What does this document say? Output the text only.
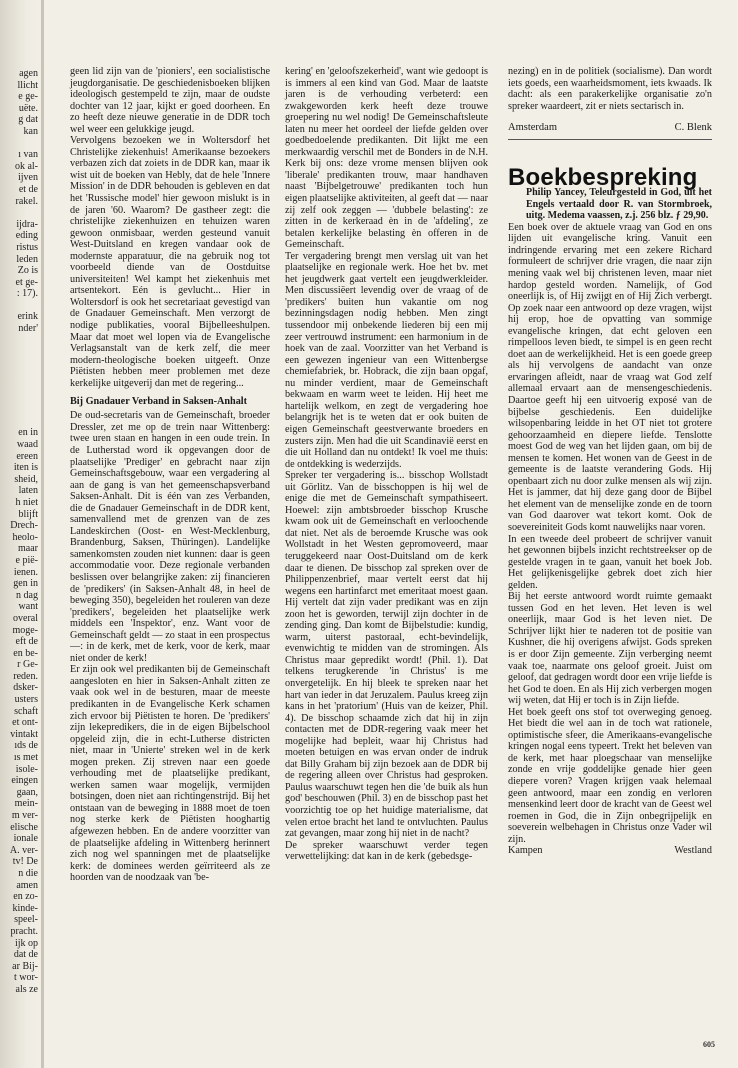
agen
llicht
e ge-
uëte.
g dat
kan

ı van
ok al-
ijven
et de
rakel.

ijdra-
eding
ristus
leden
Zo is
et ge-
: 17).

erink
nder'

en in
waad
ereen
iten is
sheid,
laten
h niet
blijft
Drech-
heolo-
maar
e pië-
ienen.
gen in
n dag
want
overal
moge-
eft de
en be-
r Ge-
reden.
dsker-
usters
schaft
et ont-
vintakt
ıds de
ıs met
isole-
eingen
gaan,
mein-
m ver-
elische
ionale
A. ver-
tv! De
n die
amen
en zo-
kinde-
speel-
pracht.
ijk op
dat de
ar Bij-
t wor-
als ze

geen lid zijn van de 'pioniers', een socialistische jeugdorganisatie. De geschiedenisboeken blijken ideologisch gestempeld te zijn, maar de oudste dochter van 12 jaar, kijkt er goed doorheen. En zo heeft deze nieuwe generatie in de DDR toch wel weer een gelukkige jeugd.

Vervolgens bezoeken we in Woltersdorf het Christelijke ziekenhuis! Amerikaanse bezoekers verbazen zich dat zoiets in de DDR kan, maar ik wist uit de boeken van Hebly, dat de hele 'Innere Mission' in de DDR behouden is gebleven en dat het 'Russische model' hier gewoon mislukt is in de jaren '60. Waarom? De gastheer zegt: die christelijke ziekenhuizen en tehuizen waren gewoon onmisbaar, werden gesteund vanuit West-Duitsland en kregen vandaar ook de modernste apparatuur, die na gebruik nog tot voorbeeld diende van de Oostduitse universiteiten! Wel kampt het ziekenhuis met artsentekort. Eén is gevlucht... Hier in Woltersdorf is ook het secretariaat gevestigd van de Gnadauer Gemeinschaft. Men verzorgt de nodige publikaties, vooral Bijbelleeshulpen. Maar dat moet wel lopen via de Evangelische Verlagsanstalt van de kerk zelf, die meer modern-theologische boeken uitgeeft. Onze Piëtisten hebben meer problemen met deze kerkelijke uitgeverij dan met de regering...

Bij Gnadauer Verband in Saksen-Anhalt

De oud-secretaris van de Gemeinschaft, broeder Dressler, zet me op de trein naar Wittenberg: twee uren staan en hangen in een oude trein. In de Lutherstad word ik opgevangen door de plaatselijke 'Prediger' en gebracht naar zijn Gemeinschaftsgebouw, waar een vergadering al aan de gang is van het gemeenschapsverband Saksen-Anhalt. Dit is één van zes Verbanden, die de Gnadauer Gemeinschaft in de DDR kent, samenvallend met de grenzen van de zes Landeskirchen (Oost- en West-Mecklenburg, Brandenburg, Saksen, Thüringen). Landelijke samenkomsten zouden niet kunnen: daar is geen accommodatie voor. Deze regionale verbanden beslissen over belangrijke zaken: zij financieren de 'predikers' (in Saksen-Anhalt 48, in heel de beweging 350), begeleiden het rouleren van deze 'predikers', begeleiden het plaatselijke werk middels een 'Inspektor', enz. Want voor de Gemeinschaft geldt — zo staat in een prospectus —: in de kerk, met de kerk, voor de kerk, maar niet onder de kerk!

Er zijn ook wel predikanten bij de Gemeinschaft aangesloten en hier in Saksen-Anhalt zitten ze vaak ook wel in de besturen, maar de meeste predikanten in de Evangelische Kerk schamen zich ervoor bij Piëtisten te horen. De 'predikers' zijn lekepredikers, die in de eigen Bijbelschool opgeleid zijn, die in echt-Lutherse districten niet, maar in 'Unierte' streken wel in de kerk mogen preken. Zij streven naar een goede verhouding met de plaatselijke predikant, werken samen waar mogelijk, vermijden botsingen, doen niet aan richtingenstrijd. Bij het ontstaan van de beweging in 1888 moet de toen nog sterke kerk de Piëtisten hooghartig afgewezen hebben. En de andere voorzitter van de plaatselijke afdeling in Wittenberg herinnert zich nog wel spanningen met de plaatselijke kerk: de dominees werden geïrriteerd als ze hoorden van de noodzaak van 'be-

kering' en 'geloofszekerheid', want wie gedoopt is is immers al een kind van God. Maar de laatste jaren is de verhouding verbeterd: een zwakgeworden kerk heeft deze trouwe groepering nu wel nodig! De Gemeinschaftsleute laten nu meer het oordeel der liefde gelden over goedbedoelende predikanten. Dit lijkt me een merkwaardig verschil met de Bonders in de N.H. Kerk bij ons: deze vrome mensen blijven ook 'liberale' predikanten trouw, maar handhaven naast 'Bijbelgetrouwe' predikanten toch hun eigen plaatselijke aktiviteiten, al geeft dat — naar zij zelf ook zeggen — 'dubbele belasting': ze zitten in de kerkeraad èn in de 'afdeling', ze betalen kerkelijke belasting èn offeren in de Gemeinschaft.

Ter vergadering brengt men verslag uit van het plaatselijke en regionale werk. Hoe het bv. met het jeugdwerk gaat vertelt een jeugdwerkleider. Men discussiëert levendig over de vraag of de 'predikers' buiten hun vakantie om nog bezinningsdagen nodig hebben. Men zingt tussendoor mij onbekende liederen bij een mij zeer vertrouwd instrument: een harmonium in de hoek van de zaal. Voorzitter van het Verband is een gewezen ingenieur van een Wittenbergse chemiefabriek, br. Hobrack, die zijn baan opgaf, nu minder verdient, maar de Gemeinschaft bekwaam en warm weet te leiden. Hij heet me hartelijk welkom, en zegt de vergadering hoe belangrijk het is te weten dat er ook buiten de eigen Gemeinschaft geestverwante broeders en zusters zijn. Men had die uit Scandinavië eerst en die uit Holland dan nu ontdekt! Ik voel me thuis: de ontdekking is wederzijds.

Spreker ter vergadering is... bisschop Wollstadt uit Görlitz. Van de bisschoppen is hij wel de enige die met de Gemeinschaft sympathiseert. Hoewel: zijn ambtsbroeder bisschop Krusche kwam ook uit de Gemeinschaft en verloochende dat niet. Net als de beroemde Krusche was ook Wollstadt in het Westen gepromoveerd, maar teruggekeerd naar Oost-Duitsland om de kerk daar te dienen. De bisschop zal spreken over de Philippenzenbrief, maar vertelt eerst dat hij wegens een hartinfarct met emeritaat moest gaan. Hij vertelt dat zijn vader predikant was en zijn zoon het is geworden, terwijl zijn dochter in de zending ging. Dan komt de Bijbelstudie: kundig, warm, uiterst pastoraal, echt-bevindelijk, evenwichtig te midden van de stromingen. Als Christus maar gepredikt wordt! (Phil. 1). Dat telkens terugkerende 'in Christus' is me onvergetelijk. En hij bleek te spreken naar het hart van ieder in dat Jeruzalem. Paulus kreeg zijn kans in het 'pratorium' (Huis van de keizer, Phil. 4). De bisschop schaamde zich dat hij in zijn contacten met de DDR-regering vaak meer het mogelijke had bepleit, waar hij Christus had moeten betuigen en was ervan onder de indruk dat Billy Graham bij zijn bezoek aan de DDR bij de regering alleen over Christus had gesproken. Paulus waarschuwt tegen hen die 'de buik als hun god' beschouwen (Phil. 3) en de bisschop past het voorzichtig toe op het huidige materialisme, dat velen ertoe bracht het land te ontvluchten. Paulus zat gevangen, maar zong hij niet in de nacht?

De spreker waarschuwt verder tegen verwettelijking: dat kan in de kerk (gebedsge-

nezing) en in de politiek (socialisme). Dan wordt iets goeds, een waarheidsmoment, iets kwaads. Ik dacht: als een parakerkelijke organisatie zo'n spreker waardeert, zit er niets sectarisch in.

Amsterdam	C. Blenk
Boekbespreking

Philip Yancey, Teleurgesteld in God, uit het Engels vertaald door R. van Stormbroek, uitg. Medema vaassen, z.j. 256 blz. ƒ 29,90.

Een boek over de aktuele vraag van God en ons lijden uit evangelische kring. Vanuit een indringende ervaring met een zekere Richard formuleert de schrijver drie vragen, die naar zijn mening vaak wel bij christenen leven, maar niet hardop gesteld worden. Namelijk, of God oneerlijk is, of Hij zwijgt en of Hij Zich verbergt. Op zoek naar een antwoord op deze vragen, wijst hij erop, hoe de opvatting van sommige evangelische kringen, dat echt geloven een rimpelloos leven biedt, te simpel is en geen recht doet aan de werkelijkheid. Het is een goede greep als hij vervolgens de aandacht van onze ervaringen afleidt, naar de vraag wat God zelf allemaal ervaart aan de mensengeschiedenis. Daartoe geeft hij een uitvoerig exposé van de bijbelse geschiedenis. Een duidelijke wilsopenbaring leidde in het OT niet tot grotere gehoorzaamheid en diepere liefde. Tenslotte moest God de weg van het lijden gaan, om bij de mensen te komen. Het wonen van de Geest in de gemeente is de laatste verandering Gods. Hij openbaart zich nu door zulke mensen als wij zijn. Het is jammer, dat hij deze gang door de Bijbel het element van de menselijke zonde en de toorn van God daarover wat tekort komt. Ook de soevereiniteit Gods komt nauwelijks naar voren.

In een tweede deel probeert de schrijver vanuit het gewonnen bijbels inzicht rechtstreekser op de gestelde vragen in te gaan, vanuit het boek Job. Het gelijkenisgelijke gebrek doet zich hier gelden.

Bij het eerste antwoord wordt ruimte gemaakt tussen God en het leven. Het leven is wel oneerlijk, maar God is het leven niet. De Schrijver lijkt hier te naderen tot de positie van Kushner, die hij overigens afwijst. Gods spreken is er door Zijn gemeente. Zijn verberging neemt vaak toe, naarmate ons geloof groeit. Juist om geloof, dat gedragen wordt door een vrije liefde is het God te doen. En als Hij zich verbergen mogen wij weten, dat Hij er toch is in Zijn liefde.

Het boek geeft ons stof tot overweging genoeg. Het biedt die wel aan in de toch wat rationele, optimistische sfeer, die Amerikaans-evangelische kringen nogal eens typeert. Trekt het beleven van de kerk, met haar ploegschaar van menselijke zonde en vrije goddelijke genade hier geen diepere voren? Vragen krijgen vaak helemaal geen antwoord, maar een zondig en verloren mensenkind leert door de kracht van de Geest wel roemen in God, die in Zijn onbegrijpelijk en soeverein welbehagen in Christus onze Vader wil zijn.

Kampen	Westland
605
